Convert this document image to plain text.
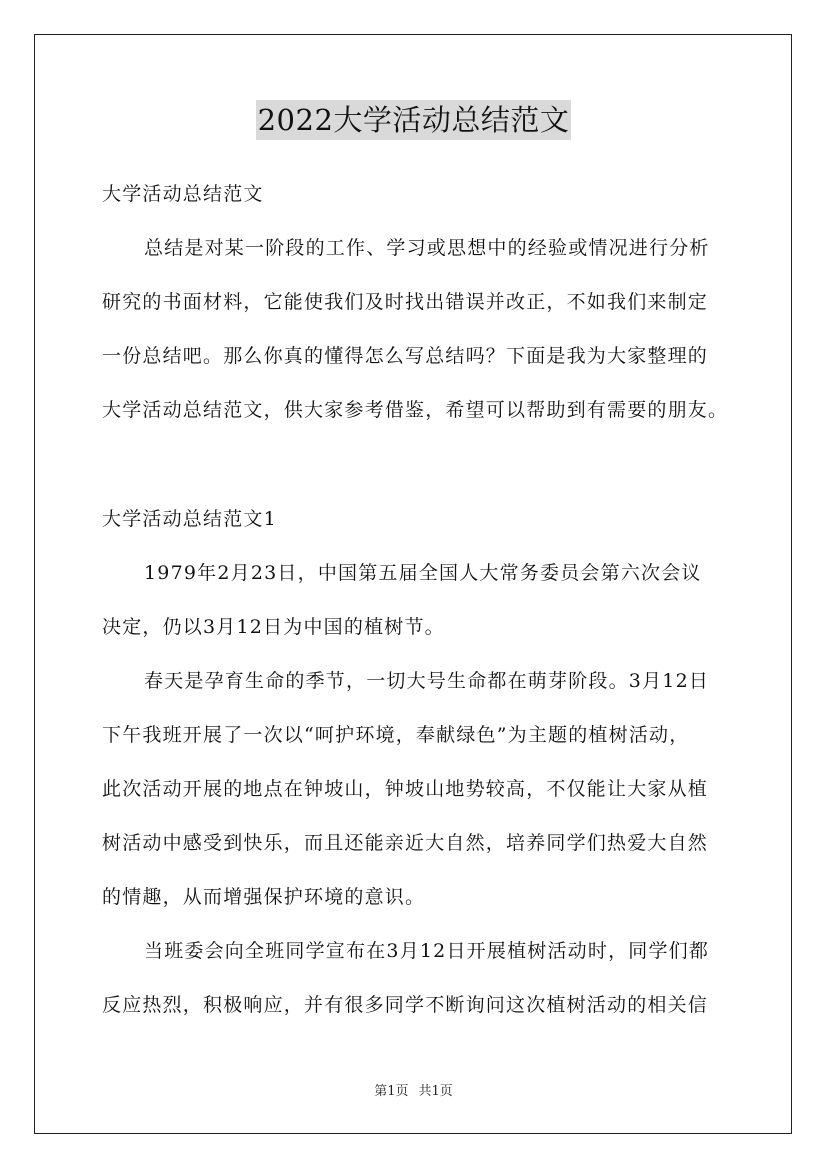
2022大学活动总结范文
大学活动总结范文
总结是对某一阶段的工作、学习或思想中的经验或情况进行分析
研究的书面材料，它能使我们及时找出错误并改正，不如我们来制定
一份总结吧。那么你真的懂得怎么写总结吗？下面是我为大家整理的
大学活动总结范文，供大家参考借鉴，希望可以帮助到有需要的朋友。
大学活动总结范文1
1979年2月23日，中国第五届全国人大常务委员会第六次会议
决定，仍以3月12日为中国的植树节。
春天是孕育生命的季节，一切大号生命都在萌芽阶段。3月12日
下午我班开展了一次以“呵护环境，奉献绿色”为主题的植树活动，
此次活动开展的地点在钟坡山，钟坡山地势较高，不仅能让大家从植
树活动中感受到快乐，而且还能亲近大自然，培养同学们热爱大自然
的情趣，从而增强保护环境的意识。
当班委会向全班同学宣布在3月12日开展植树活动时，同学们都
反应热烈，积极响应，并有很多同学不断询问这次植树活动的相关信
第1页 共1页
